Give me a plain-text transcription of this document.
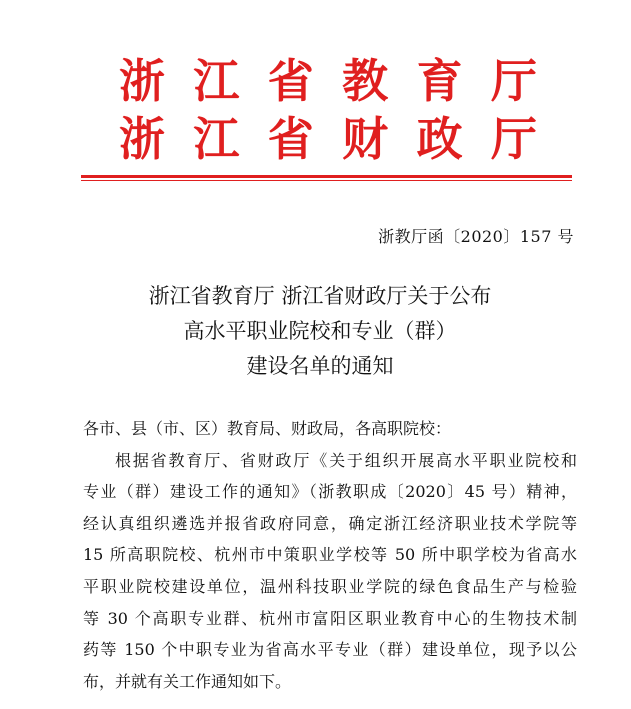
浙 江 省 教 育 厅
浙 江 省 财 政 厅
浙教厅函〔2020〕157 号
浙江省教育厅 浙江省财政厅关于公布
高水平职业院校和专业（群）
建设名单的通知
各市、县（市、区）教育局、财政局，各高职院校：
根据省教育厅、省财政厅《关于组织开展高水平职业院校和
专业（群）建设工作的通知》（浙教职成〔2020〕45 号）精神，
经认真组织遴选并报省政府同意，确定浙江经济职业技术学院等
15 所高职院校、杭州市中策职业学校等 50 所中职学校为省高水
平职业院校建设单位，温州科技职业学院的绿色食品生产与检验
等 30 个高职专业群、杭州市富阳区职业教育中心的生物技术制
药等 150 个中职专业为省高水平专业（群）建设单位，现予以公
布，并就有关工作通知如下。
